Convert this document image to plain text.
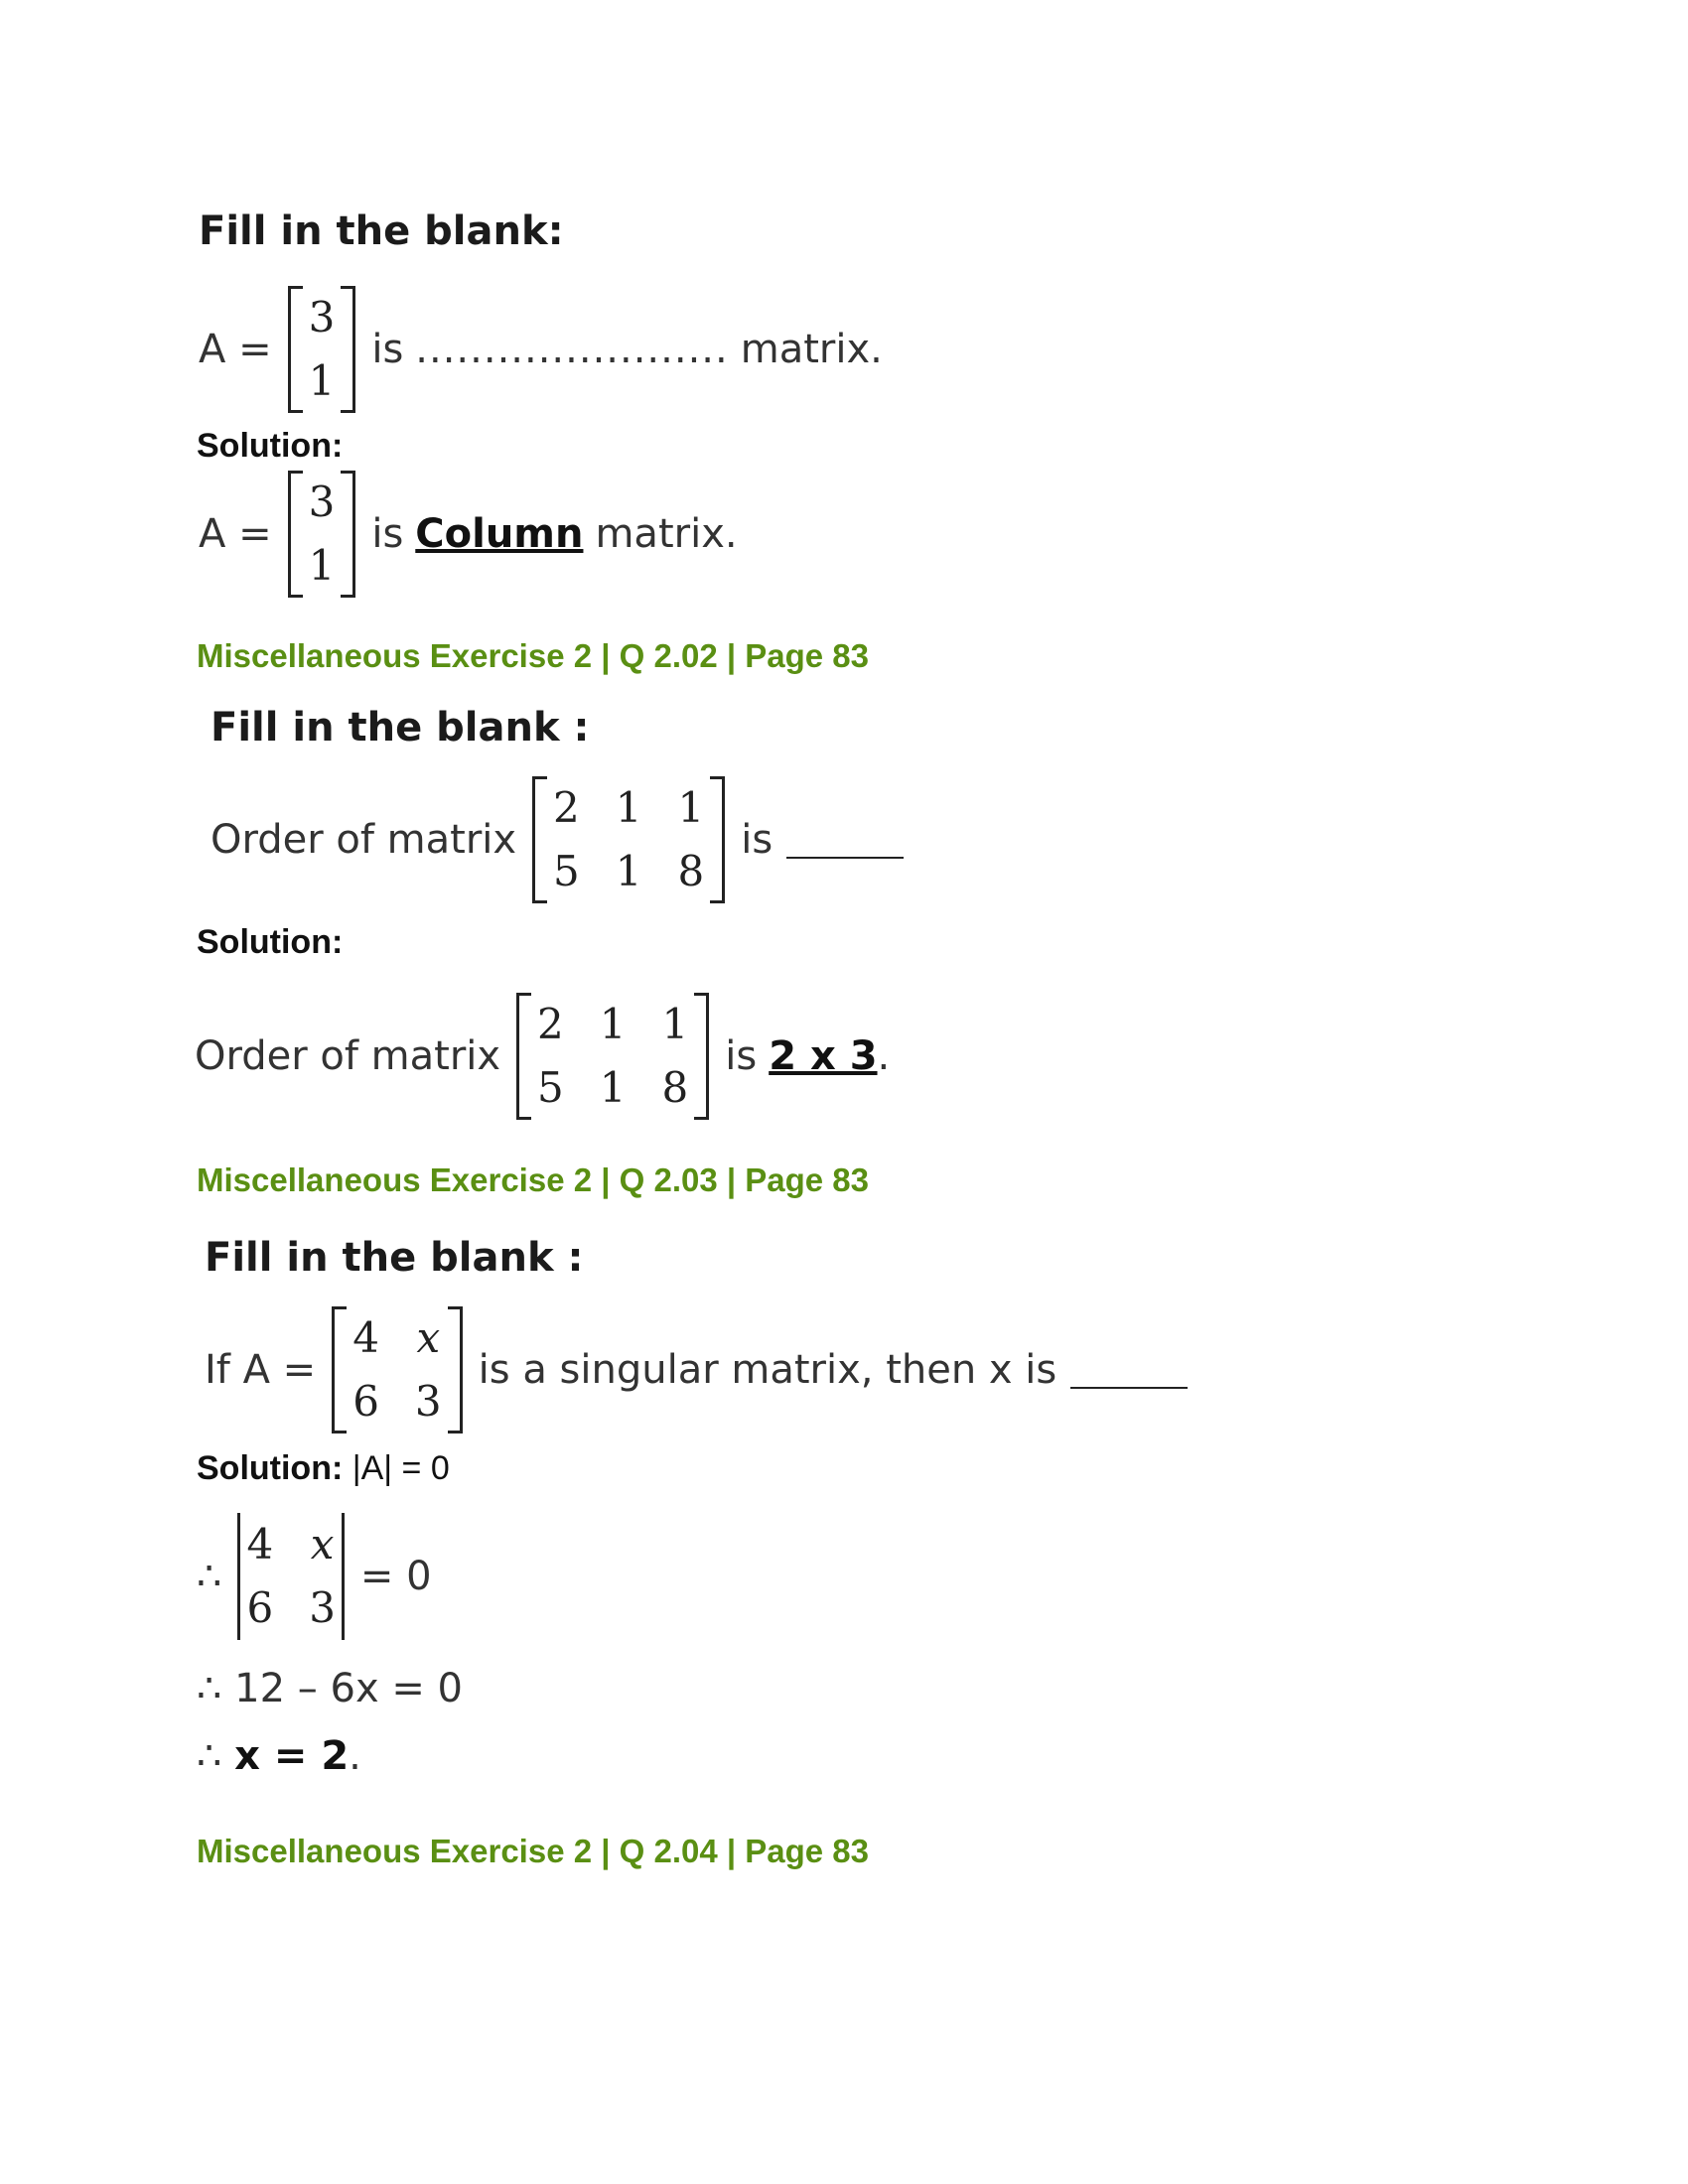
Fill in the blank:
A =
3
1
is ....................... matrix.
Solution:
A =
3
1
is Column matrix.
Miscellaneous Exercise 2 | Q 2.02 | Page 83
Fill in the blank :
Order of matrix
2 1 1
5 1 8
is
Solution:
Order of matrix
2 1 1
5 1 8
is 2 x 3 .
Miscellaneous Exercise 2 | Q 2.03 | Page 83
Fill in the blank :
If A =
4 x
6 3
is a singular matrix, then x is
Solution: |A| = 0
∴
4 x
6 3
= 0
∴ 12 – 6x = 0
∴ x = 2.
Miscellaneous Exercise 2 | Q 2.04 | Page 83
